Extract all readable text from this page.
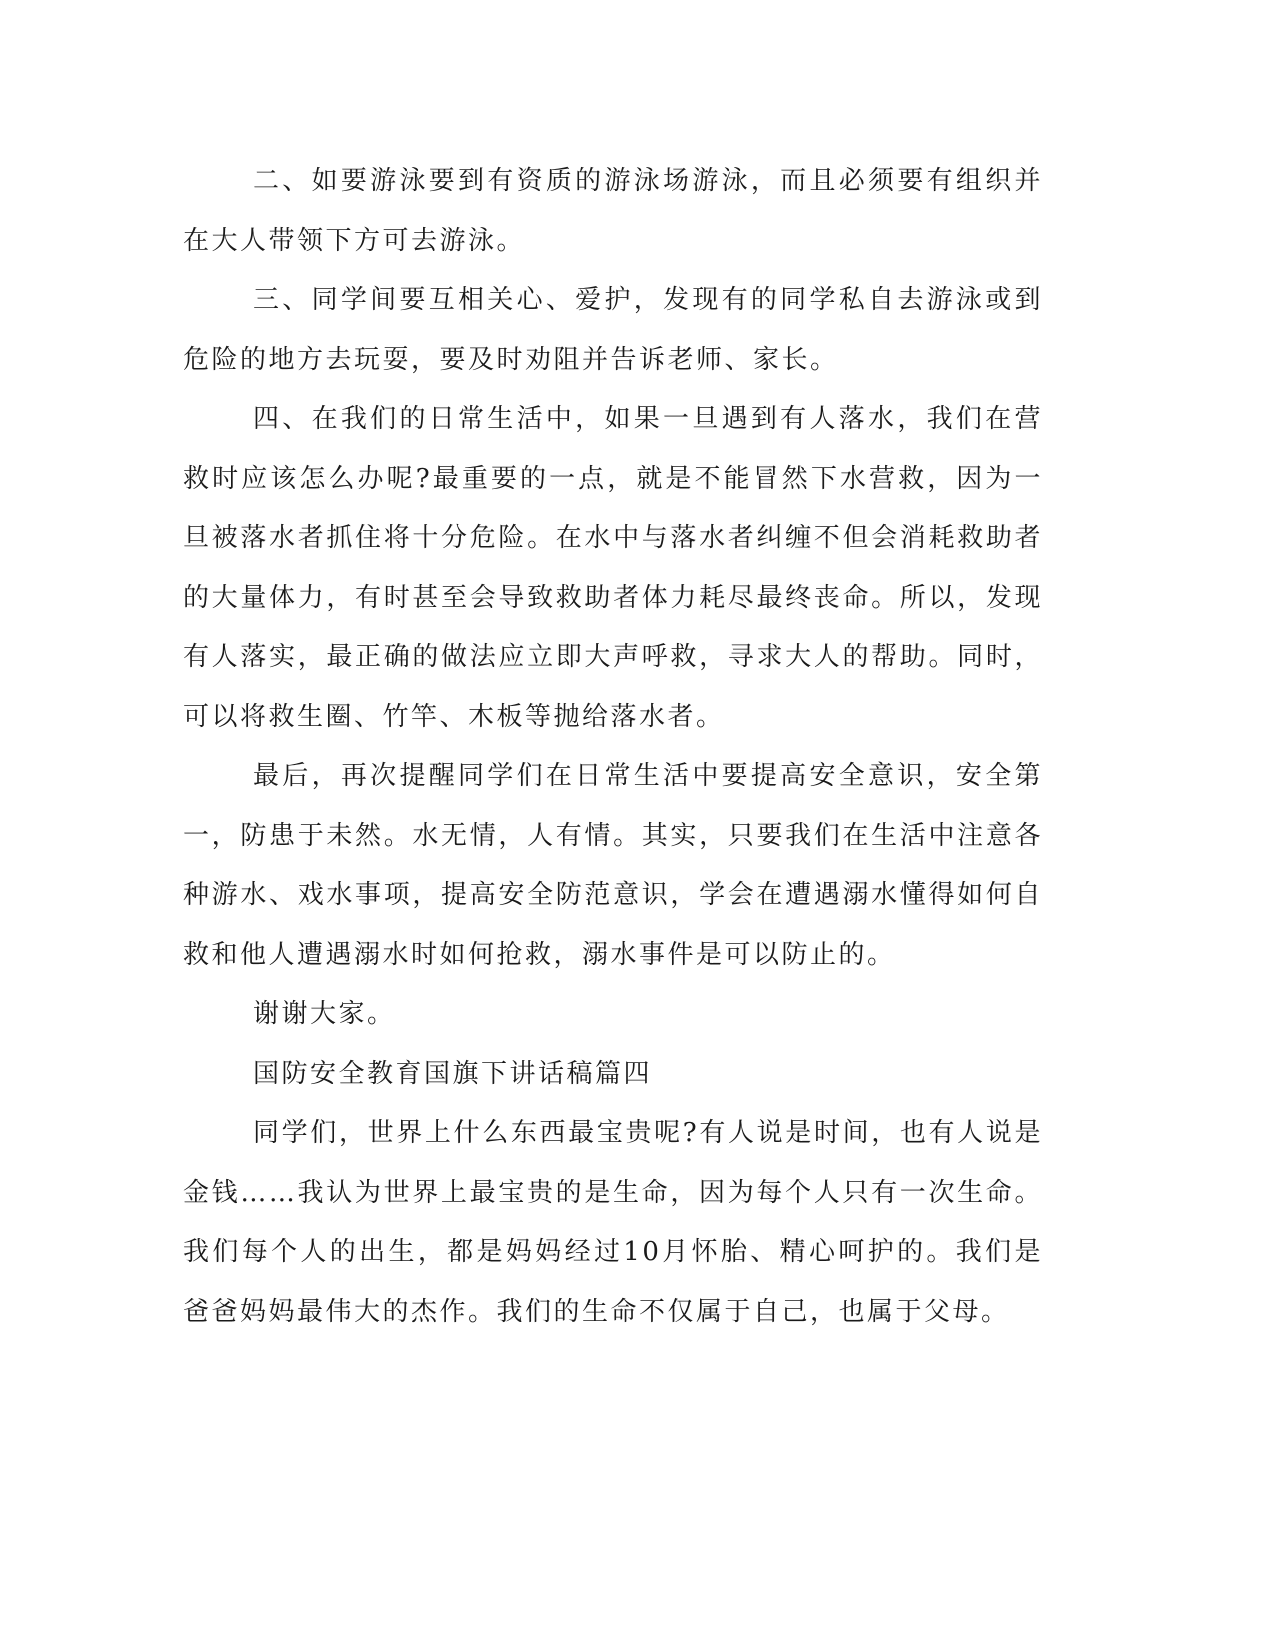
二、如要游泳要到有资质的游泳场游泳，而且必须要有组织并在大人带领下方可去游泳。

三、同学间要互相关心、爱护，发现有的同学私自去游泳或到危险的地方去玩耍，要及时劝阻并告诉老师、家长。

四、在我们的日常生活中，如果一旦遇到有人落水，我们在营救时应该怎么办呢?最重要的一点，就是不能冒然下水营救，因为一旦被落水者抓住将十分危险。在水中与落水者纠缠不但会消耗救助者的大量体力，有时甚至会导致救助者体力耗尽最终丧命。所以，发现有人落实，最正确的做法应立即大声呼救，寻求大人的帮助。同时，可以将救生圈、竹竿、木板等抛给落水者。

最后，再次提醒同学们在日常生活中要提高安全意识，安全第一，防患于未然。水无情，人有情。其实，只要我们在生活中注意各种游水、戏水事项，提高安全防范意识，学会在遭遇溺水懂得如何自救和他人遭遇溺水时如何抢救，溺水事件是可以防止的。

谢谢大家。

国防安全教育国旗下讲话稿篇四

同学们，世界上什么东西最宝贵呢?有人说是时间，也有人说是金钱……我认为世界上最宝贵的是生命，因为每个人只有一次生命。我们每个人的出生，都是妈妈经过10月怀胎、精心呵护的。我们是爸爸妈妈最伟大的杰作。我们的生命不仅属于自己，也属于父母。
